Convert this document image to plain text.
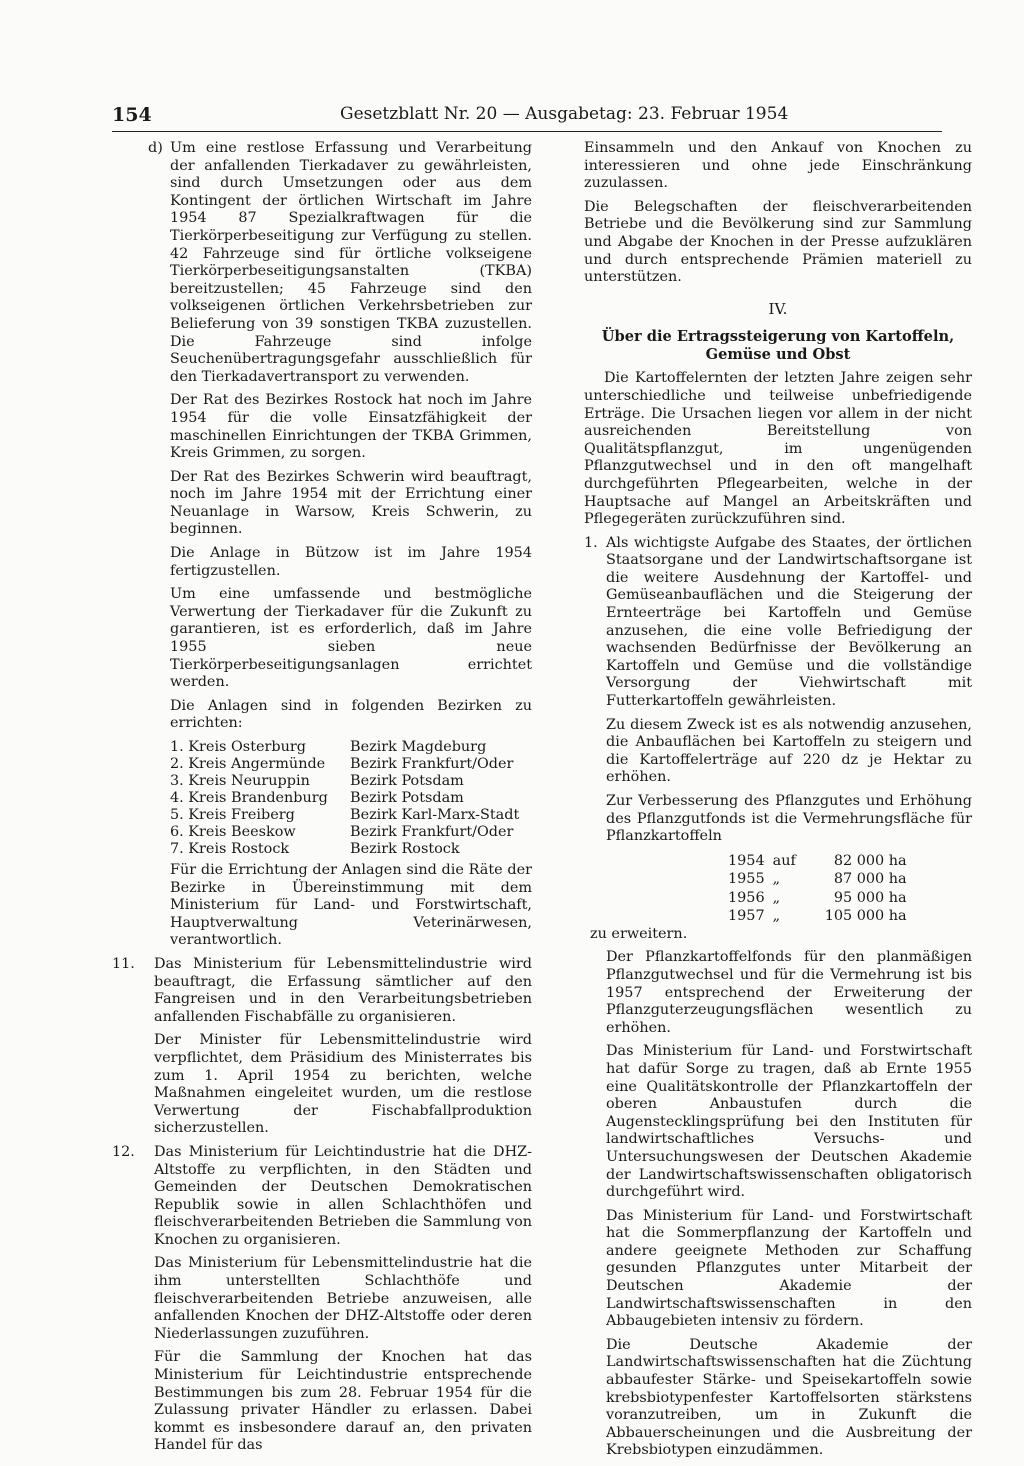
154	Gesetzblatt Nr. 20 — Ausgabetag: 23. Februar 1954
d) Um eine restlose Erfassung und Verarbeitung der anfallenden Tierkadaver zu gewährleisten, sind durch Umsetzungen oder aus dem Kontingent der örtlichen Wirtschaft im Jahre 1954 87 Spezialkraftwagen für die Tierkörperbeseitigung zur Verfügung zu stellen. 42 Fahrzeuge sind für örtliche volkseigene Tierkörperbeseitigungsanstalten (TKBA) bereitzustellen; 45 Fahrzeuge sind den volkseigenen örtlichen Verkehrsbetrieben zur Belieferung von 39 sonstigen TKBA zuzustellen. Die Fahrzeuge sind infolge Seuchenübertragungsgefahr ausschließlich für den Tierkadavertransport zu verwenden.

Der Rat des Bezirkes Rostock hat noch im Jahre 1954 für die volle Einsatzfähigkeit der maschinellen Einrichtungen der TKBA Grimmen, Kreis Grimmen, zu sorgen.

Der Rat des Bezirkes Schwerin wird beauftragt, noch im Jahre 1954 mit der Errichtung einer Neuanlage in Warsow, Kreis Schwerin, zu beginnen.

Die Anlage in Bützow ist im Jahre 1954 fertigzustellen.

Um eine umfassende und bestmögliche Verwertung der Tierkadaver für die Zukunft zu garantieren, ist es erforderlich, daß im Jahre 1955 sieben neue Tierkörperbeseitigungsanlagen errichtet werden.

Die Anlagen sind in folgenden Bezirken zu errichten:

1. Kreis Osterburg	Bezirk Magdeburg
2. Kreis Angermünde	Bezirk Frankfurt/Oder
3. Kreis Neuruppin	Bezirk Potsdam
4. Kreis Brandenburg	Bezirk Potsdam
5. Kreis Freiberg	Bezirk Karl-Marx-Stadt
6. Kreis Beeskow	Bezirk Frankfurt/Oder
7. Kreis Rostock	Bezirk Rostock

Für die Errichtung der Anlagen sind die Räte der Bezirke in Übereinstimmung mit dem Ministerium für Land- und Forstwirtschaft, Hauptverwaltung Veterinärwesen, verantwortlich.

11. Das Ministerium für Lebensmittelindustrie wird beauftragt, die Erfassung sämtlicher auf den Fangreisen und in den Verarbeitungsbetrieben anfallenden Fischabfälle zu organisieren.

Der Minister für Lebensmittelindustrie wird verpflichtet, dem Präsidium des Ministerrates bis zum 1. April 1954 zu berichten, welche Maßnahmen eingeleitet wurden, um die restlose Verwertung der Fischabfallproduktion sicherzustellen.

12. Das Ministerium für Leichtindustrie hat die DHZ-Altstoffe zu verpflichten, in den Städten und Gemeinden der Deutschen Demokratischen Republik sowie in allen Schlachthöfen und fleischverarbeitenden Betrieben die Sammlung von Knochen zu organisieren.

Das Ministerium für Lebensmittelindustrie hat die ihm unterstellten Schlachthöfe und fleischverarbeitenden Betriebe anzuweisen, alle anfallenden Knochen der DHZ-Altstoffe oder deren Niederlassungen zuzuführen.

Für die Sammlung der Knochen hat das Ministerium für Leichtindustrie entsprechende Bestimmungen bis zum 28. Februar 1954 für die Zulassung privater Händler zu erlassen. Dabei kommt es insbesondere darauf an, den privaten Handel für das

Einsammeln und den Ankauf von Knochen zu interessieren und ohne jede Einschränkung zuzulassen.

Die Belegschaften der fleischverarbeitenden Betriebe und die Bevölkerung sind zur Sammlung und Abgabe der Knochen in der Presse aufzuklären und durch entsprechende Prämien materiell zu unterstützen.

IV.
Über die Ertragssteigerung von Kartoffeln,
Gemüse und Obst

Die Kartoffelernten der letzten Jahre zeigen sehr unterschiedliche und teilweise unbefriedigende Erträge. Die Ursachen liegen vor allem in der nicht ausreichenden Bereitstellung von Qualitätspflanzgut, im ungenügenden Pflanzgutwechsel und in den oft mangelhaft durchgeführten Pflegearbeiten, welche in der Hauptsache auf Mangel an Arbeitskräften und Pflegegeräten zurückzuführen sind.

1. Als wichtigste Aufgabe des Staates, der örtlichen Staatsorgane und der Landwirtschaftsorgane ist die weitere Ausdehnung der Kartoffel- und Gemüseanbauflächen und die Steigerung der Ernteerträge bei Kartoffeln und Gemüse anzusehen, die eine volle Befriedigung der wachsenden Bedürfnisse der Bevölkerung an Kartoffeln und Gemüse und die vollständige Versorgung der Viehwirtschaft mit Futterkartoffeln gewährleisten.

Zu diesem Zweck ist es als notwendig anzusehen, die Anbauflächen bei Kartoffeln zu steigern und die Kartoffelerträge auf 220 dz je Hektar zu erhöhen.

Zur Verbesserung des Pflanzgutes und Erhöhung des Pflanzgutfonds ist die Vermehrungsfläche für Pflanzkartoffeln

1954	auf	82 000 ha
1955	„	87 000 ha
1956	„	95 000 ha
1957	„	105 000 ha

zu erweitern.

Der Pflanzkartoffelfonds für den planmäßigen Pflanzgutwechsel und für die Vermehrung ist bis 1957 entsprechend der Erweiterung der Pflanzguterzeugungsflächen wesentlich zu erhöhen.

Das Ministerium für Land- und Forstwirtschaft hat dafür Sorge zu tragen, daß ab Ernte 1955 eine Qualitätskontrolle der Pflanzkartoffeln der oberen Anbaustufen durch die Augenstecklingsprüfung bei den Instituten für landwirtschaftliches Versuchs- und Untersuchungswesen der Deutschen Akademie der Landwirtschaftswissenschaften obligatorisch durchgeführt wird.

Das Ministerium für Land- und Forstwirtschaft hat die Sommerpflanzung der Kartoffeln und andere geeignete Methoden zur Schaffung gesunden Pflanzgutes unter Mitarbeit der Deutschen Akademie der Landwirtschaftswissenschaften in den Abbaugebieten intensiv zu fördern.

Die Deutsche Akademie der Landwirtschaftswissenschaften hat die Züchtung abbaufester Stärke- und Speisekartoffeln sowie krebsbiotypenfester Kartoffelsorten stärkstens voranzutreiben, um in Zukunft die Abbauerscheinungen und die Ausbreitung der Krebsbiotypen einzudämmen.
